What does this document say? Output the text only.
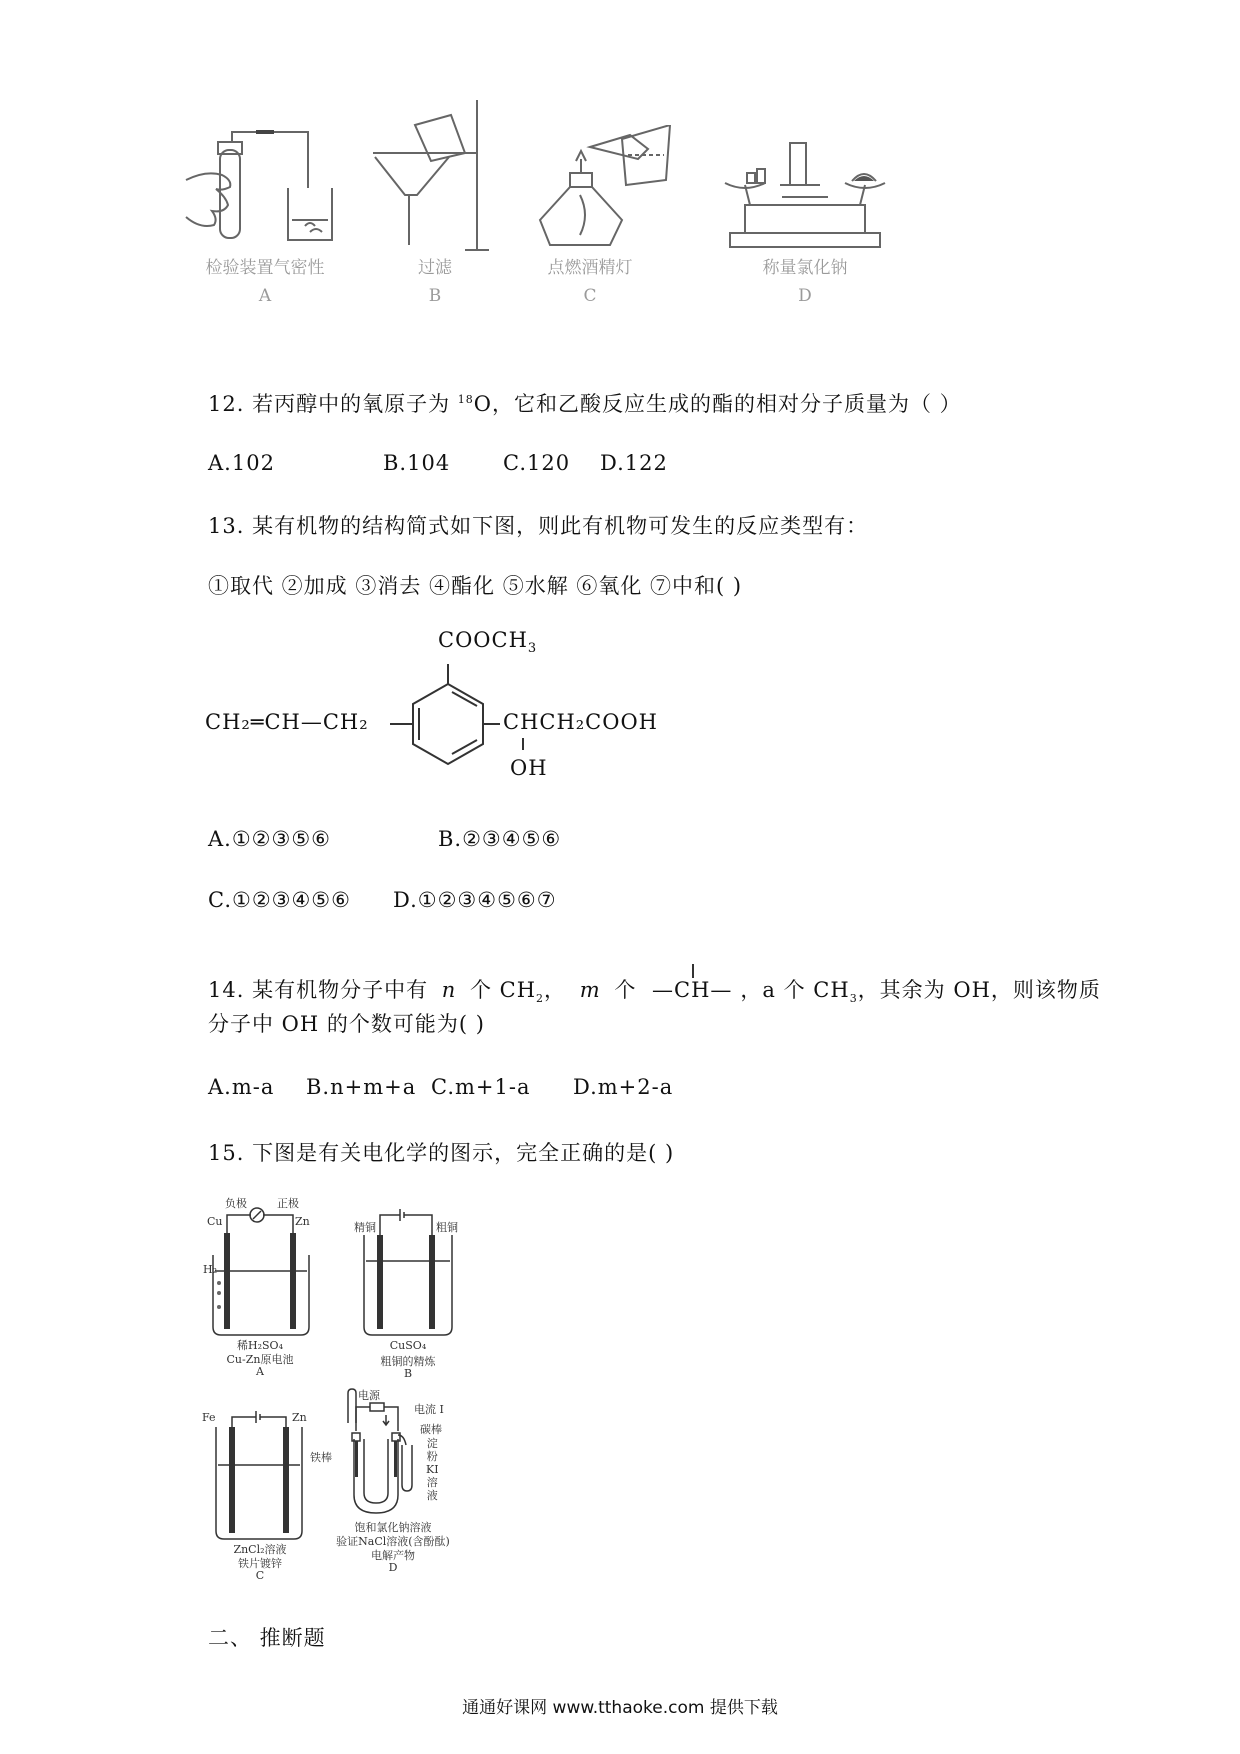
检验装置气密性
A
过滤
B
点燃酒精灯
C
称量氯化钠
D
12. 若丙醇中的氧原子为 $^{18}$O，它和乙酸反应生成的酯的相对分子质量为（ ）
A.102	B.104	C.120 D.122
13. 某有机物的结构简式如下图，则此有机物可发生的反应类型有：
①取代 ②加成 ③消去 ④酯化 ⑤水解 ⑥氧化 ⑦中和( )
$COOCH_3$
CH₂═CH—CH₂	CHCH₂COOH
OH
A.①②③⑤⑥	B.②③④⑤⑥
C.①②③④⑤⑥ D.①②③④⑤⑥⑦
14. 某有机物分子中有 n 个 $CH_2$， m 个 —CH— ，a 个 $CH_3$，其余为 OH，则该物质
分子中 OH 的个数可能为( )
A.m-a B.n+m+a C.m+1-a D.m+2-a
15. 下图是有关电化学的图示，完全正确的是( )
负极	正极
Cu	Zn
H₂
稀H₂SO₄
Cu-Zn原电池
A
精铜	粗铜
CuSO₄
粗铜的精炼
B
Fe	Zn
ZnCl₂溶液
铁片镀锌
C
电源
电流 I
碳棒
铁棒
淀
粉
KI
溶
液
饱和氯化钠溶液
验证NaCl溶液(含酚酞)
电解产物
D
二、 推断题
通通好课网 www.tthaoke.com 提供下载
